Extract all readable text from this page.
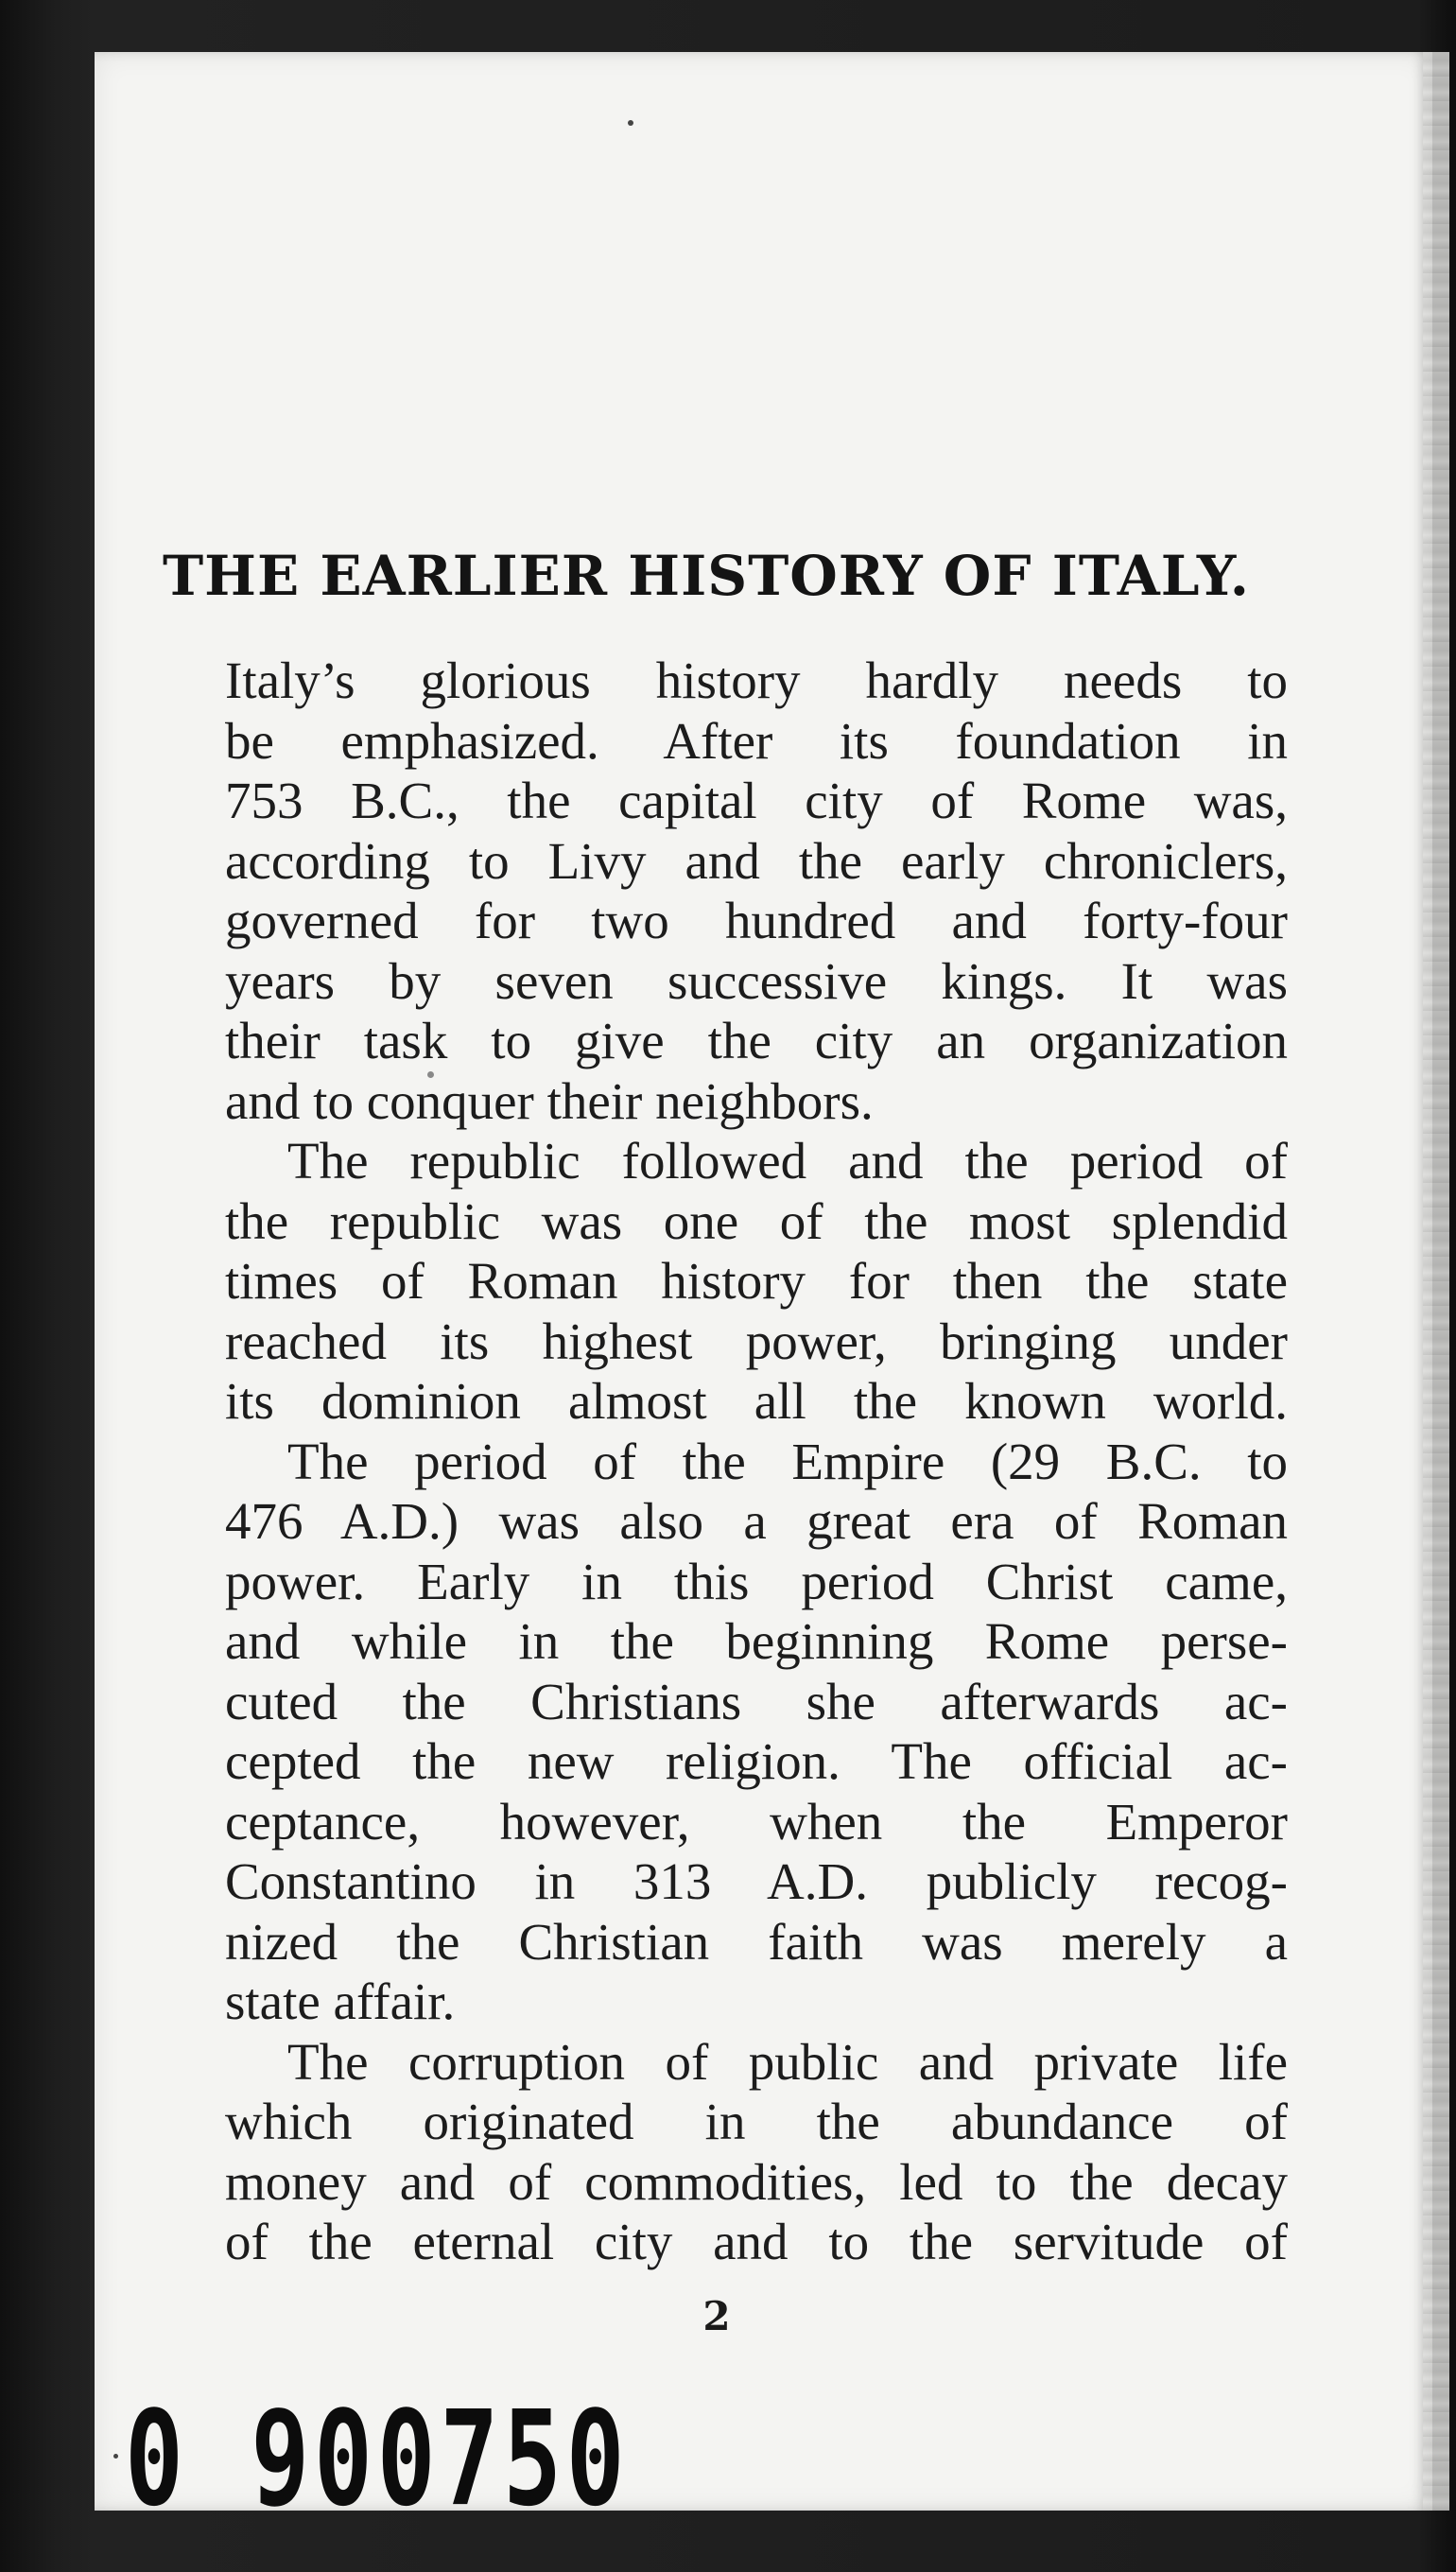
THE EARLIER HISTORY OF ITALY.

Italy’s glorious history hardly needs to
be emphasized. After its foundation in
753 B.C., the capital city of Rome was,
according to Livy and the early chroniclers,
governed for two hundred and forty-four
years by seven successive kings. It was
their task to give the city an organization
and to conquer their neighbors.

The republic followed and the period of
the republic was one of the most splendid
times of Roman history for then the state
reached its highest power, bringing under
its dominion almost all the known world.

The period of the Empire (29 B.C. to
476 A.D.) was also a great era of Roman
power. Early in this period Christ came,
and while in the beginning Rome perse-
cuted the Christians she afterwards ac-
cepted the new religion. The official ac-
ceptance, however, when the Emperor
Constantino in 313 A.D. publicly recog-
nized the Christian faith was merely a
state affair.

The corruption of public and private life
which originated in the abundance of
money and of commodities, led to the decay
of the eternal city and to the servitude of

2
0 900750
